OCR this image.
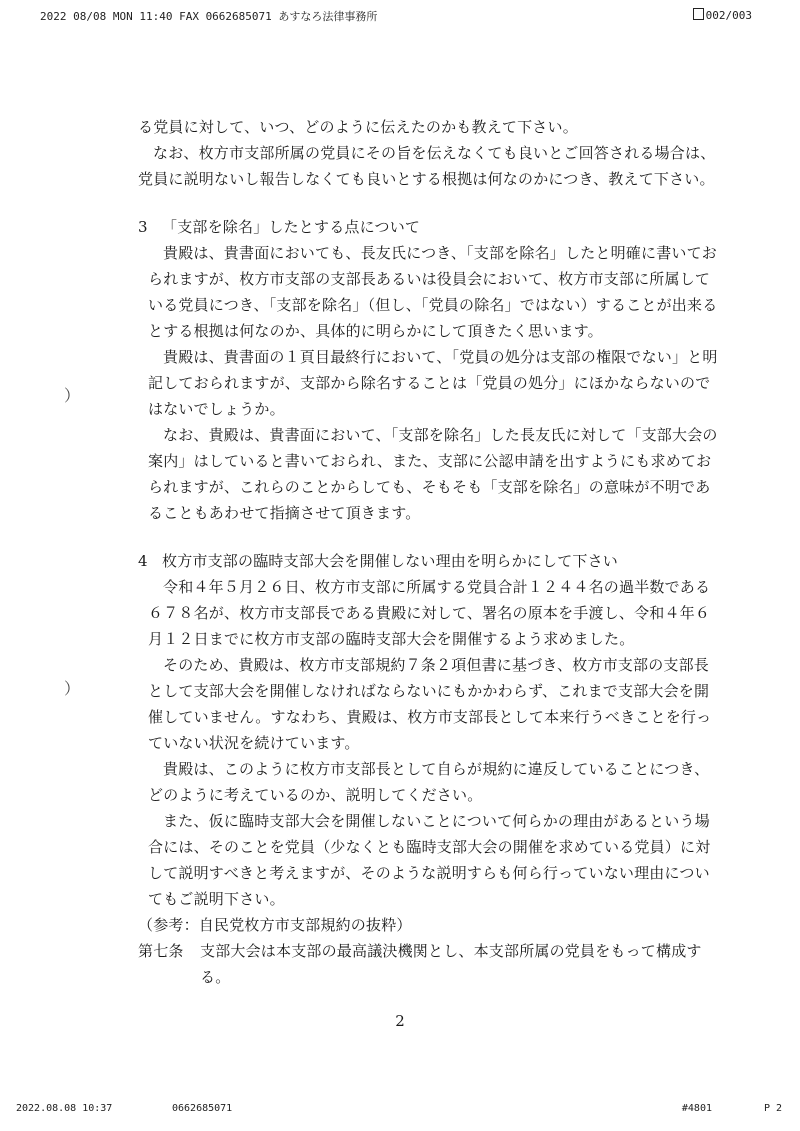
2022 08/08 MON 11:40 FAX 0662685071 あすなろ法律事務所	002/003
）
）

る党員に対して、いつ、どのように伝えたのかも教えて下さい。

なお、枚方市支部所属の党員にその旨を伝えなくても良いとご回答される場合は、党員に説明ないし報告しなくても良いとする根拠は何なのかにつき、教えて下さい。

3 「支部を除名」したとする点について

貴殿は、貴書面においても、長友氏につき、「支部を除名」したと明確に書いておられますが、枚方市支部の支部長あるいは役員会において、枚方市支部に所属している党員につき、「支部を除名」（但し、「党員の除名」ではない）することが出来るとする根拠は何なのか、具体的に明らかにして頂きたく思います。

貴殿は、貴書面の１頁目最終行において、「党員の処分は支部の権限でない」と明記しておられますが、支部から除名することは「党員の処分」にほかならないのではないでしょうか。

なお、貴殿は、貴書面において、「支部を除名」した長友氏に対して「支部大会の案内」はしていると書いておられ、また、支部に公認申請を出すようにも求めておられますが、これらのことからしても、そもそも「支部を除名」の意味が不明であることもあわせて指摘させて頂きます。

4 枚方市支部の臨時支部大会を開催しない理由を明らかにして下さい

令和４年５月２６日、枚方市支部に所属する党員合計１２４４名の過半数である６７８名が、枚方市支部長である貴殿に対して、署名の原本を手渡し、令和４年６月１２日までに枚方市支部の臨時支部大会を開催するよう求めました。

そのため、貴殿は、枚方市支部規約７条２項但書に基づき、枚方市支部の支部長として支部大会を開催しなければならないにもかかわらず、これまで支部大会を開催していません。すなわち、貴殿は、枚方市支部長として本来行うべきことを行っていない状況を続けています。

貴殿は、このように枚方市支部長として自らが規約に違反していることにつき、どのように考えているのか、説明してください。

また、仮に臨時支部大会を開催しないことについて何らかの理由があるという場合には、そのことを党員（少なくとも臨時支部大会の開催を求めている党員）に対して説明すべきと考えますが、そのような説明すらも何ら行っていない理由についてもご説明下さい。

（参考：自民党枚方市支部規約の抜粋）

第七条	支部大会は本支部の最高議決機関とし、本支部所属の党員をもって構成する。
2
2022.08.08 10:37	0662685071	#4801	P 2
